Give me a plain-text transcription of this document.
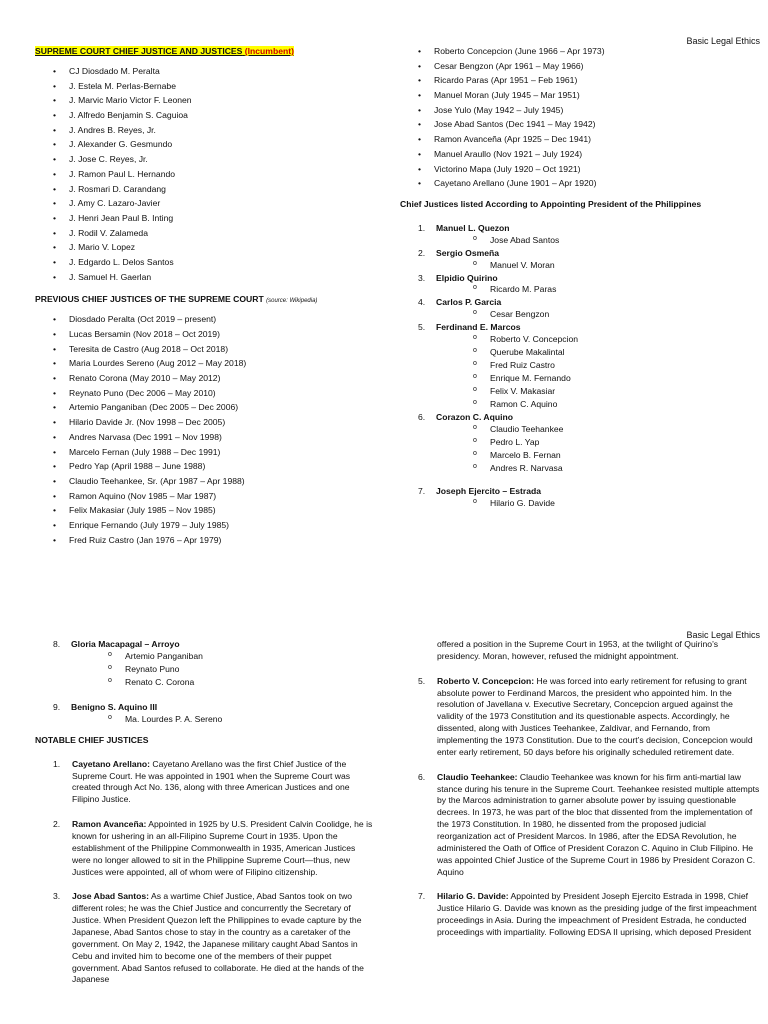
Basic Legal Ethics
SUPREME COURT CHIEF JUSTICE AND JUSTICES (Incumbent)
• CJ Diosdado M. Peralta
• J. Estela M. Perlas-Bernabe
• J. Marvic Mario Victor F. Leonen
• J. Alfredo Benjamin S. Caguioa
• J. Andres B. Reyes, Jr.
• J. Alexander G. Gesmundo
• J. Jose C. Reyes, Jr.
• J. Ramon Paul L. Hernando
• J. Rosmari D. Carandang
• J. Amy C. Lazaro-Javier
• J. Henri Jean Paul B. Inting
• J. Rodil V. Zalameda
• J. Mario V. Lopez
• J. Edgardo L. Delos Santos
• J. Samuel H. Gaerlan
PREVIOUS CHIEF JUSTICES OF THE SUPREME COURT (source: Wikipedia)
• Diosdado Peralta (Oct 2019 – present)
• Lucas Bersamin (Nov 2018 – Oct 2019)
• Teresita de Castro (Aug 2018 – Oct 2018)
• Maria Lourdes Sereno (Aug 2012 – May 2018)
• Renato Corona (May 2010 – May 2012)
• Reynato Puno (Dec 2006 – May 2010)
• Artemio Panganiban (Dec 2005 – Dec 2006)
• Hilario Davide Jr. (Nov 1998 – Dec 2005)
• Andres Narvasa (Dec 1991 – Nov 1998)
• Marcelo Fernan (July 1988 – Dec 1991)
• Pedro Yap (April 1988 – June 1988)
• Claudio Teehankee, Sr. (Apr 1987 – Apr 1988)
• Ramon Aquino (Nov 1985 – Mar 1987)
• Felix Makasiar (July 1985 – Nov 1985)
• Enrique Fernando (July 1979 – July 1985)
• Fred Ruiz Castro (Jan 1976 – Apr 1979)
• Roberto Concepcion (June 1966 – Apr 1973)
• Cesar Bengzon (Apr 1961 – May 1966)
• Ricardo Paras (Apr 1951 – Feb 1961)
• Manuel Moran (July 1945 – Mar 1951)
• Jose Yulo (May 1942 – July 1945)
• Jose Abad Santos (Dec 1941 – May 1942)
• Ramon Avanceña (Apr 1925 – Dec 1941)
• Manuel Araullo (Nov 1921 – July 1924)
• Victorino Mapa (July 1920 – Oct 1921)
• Cayetano Arellano (June 1901 – Apr 1920)
Chief Justices listed According to Appointing President of the Philippines
1. Manuel L. Quezon
o Jose Abad Santos
2. Sergio Osmeña
o Manuel V. Moran
3. Elpidio Quirino
o Ricardo M. Paras
4. Carlos P. Garcia
o Cesar Bengzon
5. Ferdinand E. Marcos
o Roberto V. Concepcion
o Querube Makalintal
o Fred Ruiz Castro
o Enrique M. Fernando
o Felix V. Makasiar
o Ramon C. Aquino
6. Corazon C. Aquino
o Claudio Teehankee
o Pedro L. Yap
o Marcelo B. Fernan
o Andres R. Narvasa
7. Joseph Ejercito – Estrada
o Hilario G. Davide
Basic Legal Ethics
8. Gloria Macapagal – Arroyo
o Artemio Panganiban
o Reynato Puno
o Renato C. Corona
9. Benigno S. Aquino III
o Ma. Lourdes P. A. Sereno
NOTABLE CHIEF JUSTICES

1. Cayetano Arellano: Cayetano Arellano was the first Chief Justice of the Supreme Court. He was appointed in 1901 when the Supreme Court was created through Act No. 136, along with three American Justices and one Filipino Justice.

2. Ramon Avanceña: Appointed in 1925 by U.S. President Calvin Coolidge, he is known for ushering in an all-Filipino Supreme Court in 1935. Upon the establishment of the Philippine Commonwealth in 1935, American Justices were no longer allowed to sit in the Philippine Supreme Court—thus, new Justices were appointed, all of whom were of Filipino citizenship.

3. Jose Abad Santos: As a wartime Chief Justice, Abad Santos took on two different roles; he was the Chief Justice and concurrently the Secretary of Justice. When President Quezon left the Philippines to evade capture by the Japanese, Abad Santos chose to stay in the country as a caretaker of the government. On May 2, 1942, the Japanese military caught Abad Santos in Cebu and invited him to become one of the members of their puppet government. Abad Santos refused to collaborate. He died at the hands of the Japanese

offered a position in the Supreme Court in 1953, at the twilight of Quirino’s presidency. Moran, however, refused the midnight appointment.

5. Roberto V. Concepcion: He was forced into early retirement for refusing to grant absolute power to Ferdinand Marcos, the president who appointed him. In the resolution of Javellana v. Executive Secretary, Concepcion argued against the validity of the 1973 Constitution and its questionable aspects. Accordingly, he dissented, along with Justices Teehankee, Zaldivar, and Fernando, from implementing the 1973 Constitution. Due to the court’s decision, Concepcion would enter early retirement, 50 days before his originally scheduled retirement date.

6. Claudio Teehankee: Claudio Teehankee was known for his firm anti-martial law stance during his tenure in the Supreme Court. Teehankee resisted multiple attempts by the Marcos administration to garner absolute power by issuing questionable decrees. In 1973, he was part of the bloc that dissented from the implementation of the 1973 Constitution. In 1980, he dissented from the proposed judicial reorganization act of President Marcos. In 1986, after the EDSA Revolution, he administered the Oath of Office of President Corazon C. Aquino in Club Filipino. He was appointed Chief Justice of the Supreme Court in 1986 by President Corazon C. Aquino

7. Hilario G. Davide: Appointed by President Joseph Ejercito Estrada in 1998, Chief Justice Hilario G. Davide was known as the presiding judge of the first impeachment proceedings in Asia. During the impeachment of President Estrada, he conducted proceedings with impartiality. Following EDSA II uprising, which deposed President
